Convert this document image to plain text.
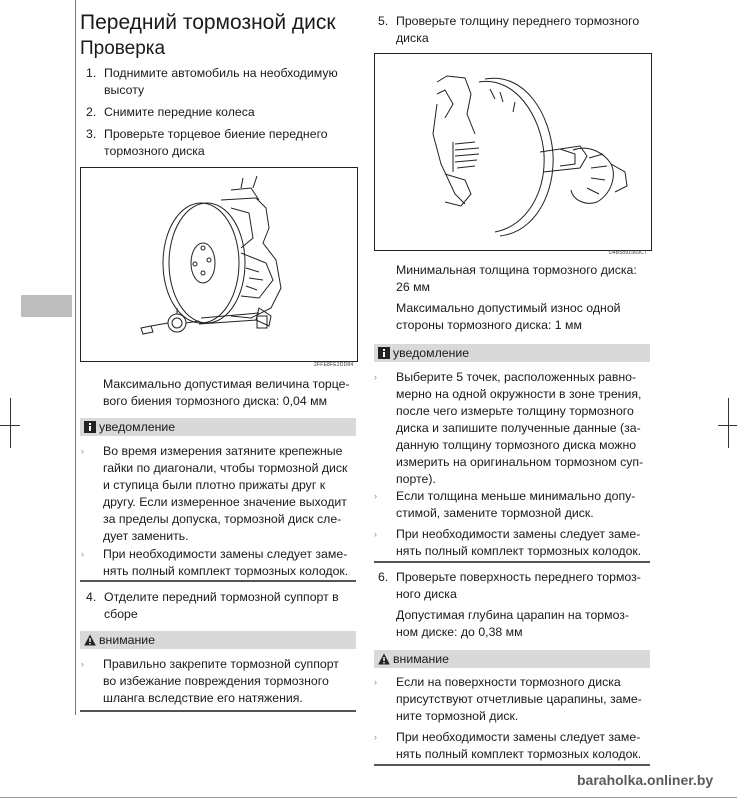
Передний тормозной диск
Проверка
1. Поднимите автомобиль на необходимую
высоту
2. Снимите передние колеса
3. Проверьте торцевое биение переднего
тормозного диска
2FFE8FE2DD84
Максимально допустимая величина торце-
вого биения тормозного диска: 0,04 мм
уведомление
› Во время измерения затяните крепежные
гайки по диагонали, чтобы тормозной диск
и ступица были плотно прижаты друг к
другу. Если измеренное значение выходит
за пределы допуска, тормозной диск сле-
дует заменить.
› При необходимости замены следует заме-
нять полный комплект тормозных колодок.
4. Отделите передний тормозной суппорт в
сборе
внимание
› Правильно закрепите тормозной суппорт
во избежание повреждения тормозного
шланга вследствие его натяжения.
5. Проверьте толщину переднего тормозного
диска
D4B5891569C7
Минимальная толщина тормозного диска:
26 мм
Максимально допустимый износ одной
стороны тормозного диска: 1 мм
уведомление
› Выберите 5 точек, расположенных равно-
мерно на одной окружности в зоне трения,
после чего измерьте толщину тормозного
диска и запишите полученные данные (за-
данную толщину тормозного диска можно
измерить на оригинальном тормозном суп-
порте).
› Если толщина меньше минимально допу-
стимой, замените тормозной диск.
› При необходимости замены следует заме-
нять полный комплект тормозных колодок.
6. Проверьте поверхность переднего тормоз-
ного диска
Допустимая глубина царапин на тормоз-
ном диске: до 0,38 мм
внимание
› Если на поверхности тормозного диска
присутствуют отчетливые царапины, заме-
ните тормозной диск.
› При необходимости замены следует заме-
нять полный комплект тормозных колодок.
baraholka.onliner.by
